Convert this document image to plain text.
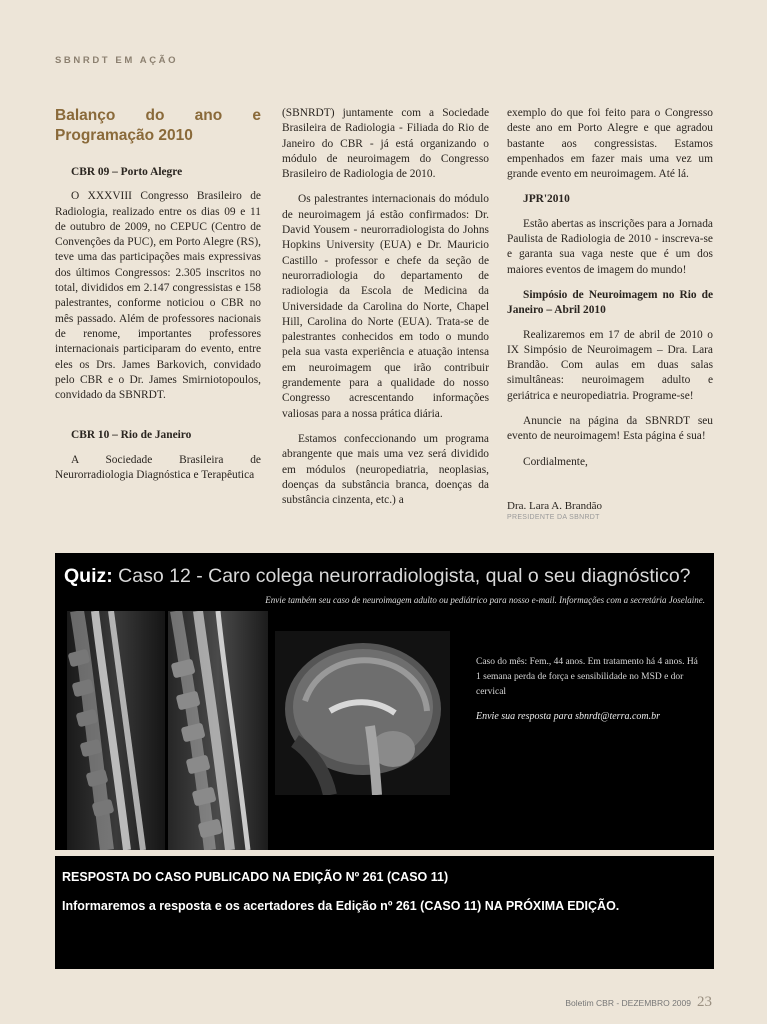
SBNRDT EM AÇÃO
Balanço do ano e Programação 2010
CBR 09 – Porto Alegre

O XXXVIII Congresso Brasileiro de Radiologia, realizado entre os dias 09 e 11 de outubro de 2009, no CEPUC (Centro de Convenções da PUC), em Porto Alegre (RS), teve uma das participações mais expressivas dos últimos Congressos: 2.305 inscritos no total, divididos em 2.147 congressistas e 158 palestrantes, conforme noticiou o CBR no mês passado. Além de professores nacionais de renome, importantes professores internacionais participaram do evento, entre eles os Drs. James Barkovich, convidado pelo CBR e o Dr. James Smirniotopoulos, convidado da SBNRDT.

CBR 10 – Rio de Janeiro

A Sociedade Brasileira de Neurorradiologia Diagnóstica e Terapêutica

(SBNRDT) juntamente com a Sociedade Brasileira de Radiologia - Filiada do Rio de Janeiro do CBR - já está organizando o módulo de neuroimagem do Congresso Brasileiro de Radiologia de 2010.

Os palestrantes internacionais do módulo de neuroimagem já estão confirmados: Dr. David Yousem - neurorradiologista do Johns Hopkins University (EUA) e Dr. Mauricio Castillo - professor e chefe da seção de neurorradiologia do departamento de radiologia da Escola de Medicina da Universidade da Carolina do Norte, Chapel Hill, Carolina do Norte (EUA). Trata-se de palestrantes conhecidos em todo o mundo pela sua vasta experiência e atuação intensa em neuroimagem que irão contribuir grandemente para a qualidade do nosso Congresso acrescentando informações valiosas para a nossa prática diária.

Estamos confeccionando um programa abrangente que mais uma vez será dividido em módulos (neuropediatria, neoplasias, doenças da substância branca, doenças da substância cinzenta, etc.) a

exemplo do que foi feito para o Congresso deste ano em Porto Alegre e que agradou bastante aos congressistas. Estamos empenhados em fazer mais uma vez um grande evento em neuroimagem. Até lá.

JPR'2010

Estão abertas as inscrições para a Jornada Paulista de Radiologia de 2010 - inscreva-se e garanta sua vaga neste que é um dos maiores eventos de imagem do mundo!

Simpósio de Neuroimagem no Rio de Janeiro – Abril 2010

Realizaremos em 17 de abril de 2010 o IX Simpósio de Neuroimagem – Dra. Lara Brandão. Com aulas em duas salas simultâneas: neuroimagem adulto e geriátrica e neuropediatria. Programe-se!

Anuncie na página da SBNRDT seu evento de neuroimagem! Esta página é sua!

Cordialmente,

Dra. Lara A. Brandão
PRESIDENTE DA SBNRDT
Quiz: Caso 12 - Caro colega neurorradiologista, qual o seu diagnóstico?
Envie também seu caso de neuroimagem adulto ou pediátrico para nosso e-mail. Informações com a secretária Joselaine.
Caso do mês: Fem., 44 anos. Em tratamento há 4 anos. Há 1 semana perda de força e sensibilidade no MSD e dor cervical
Envie sua resposta para sbnrdt@terra.com.br
RESPOSTA DO CASO PUBLICADO NA EDIÇÃO Nº 261 (CASO 11)
Informaremos a resposta e os acertadores da Edição nº 261 (CASO 11) NA PRÓXIMA EDIÇÃO.
Boletim CBR - DEZEMBRO 2009 23
